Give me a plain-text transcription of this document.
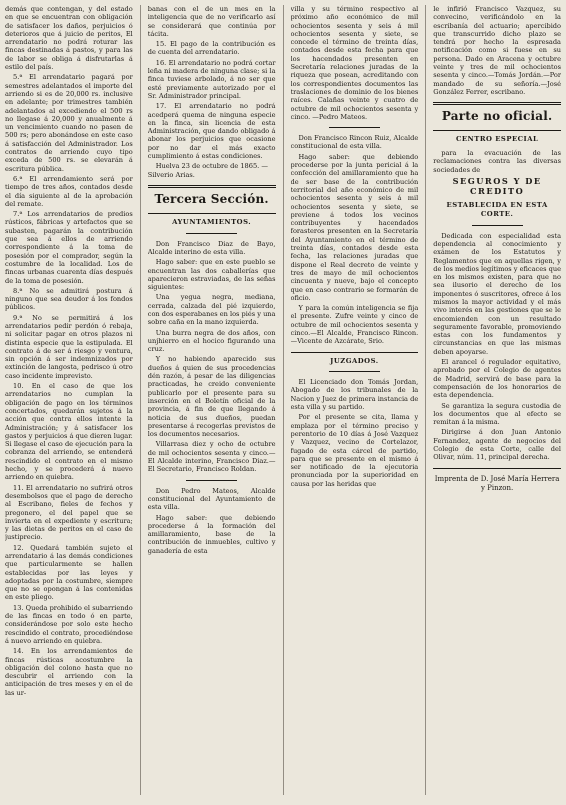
demás que contengan, y del estado en que se encuentran con obligación de satisfacer los daños, perjuicios ó deterioros que á juicio de peritos, El arrendatario no podrá roturar las fincas destinadas á pastos, y para las de labor se obliga á disfrutarlas á estilo del país.

5.ª El arrendatario pagará por semestres adelantados el importe del arriendo si es de 20,000 rs. inclusive en adelante; por trimestres también adelantados al excediendo el 500 rs no llegase á 20,000 y anualmente á un vencimiento cuando no pasen de 500 rs; pero abonándose en este caso á satisfacción del Administrador. Los contratos de arriendo cuyo tipo exceda de 500 rs. se elevarán á escritura pública.

6.ª El arrendamiento será por tiempo de tres años, contados desde el día siguiente al de la aprobación del remate.

7.ª Los arrendatarios de predios rústicos, fábricas y artefactos que se subasten, pagarán la contribución que sea á ellos de arriendo correspondiente á la toma de posesión por el comprador, según la costumbre de la localidad. Los de fincas urbanas cuarenta días después de la toma de posesión.

8.ª No se admitirá postura á ninguno que sea deudor á los fondos públicos.

9.ª No se permitirá á los arrendatarios pedir perdón ó rebaja, ni solicitar pagar en otros plazos ni distinta especie que la estipulada. El contrato á de ser á riesgo y ventura, sin opción á ser indemnizados por extinción de langosta, pedrisco ú otro caso incidente imprevisto.

10. En el caso de que los arrendatarios no cumplan la obligación de pago en los términos concertados, quedarán sujetos á la acción que contra ellos intente la Administración; y á satisfacer los gastos y perjuicios á que dieren lugar. Si llegase el caso de ejecución para la cobranza del arriendo, se entenderá rescindido el contrato en el mismo hecho, y se procederá á nuevo arriendo en quiebra.

11. El arrendatario no sufrirá otros desembolsos que el pago de derecho al Escribano, fieles de fechos y pregonero, el del papel que se invierta en el expediente y escritura; y las dietas de peritos en el caso de justiprecio.

12. Quedará también sujeto el arrendatario á las demás condiciones que particularmente se hallen establecidas por las leyes y adoptadas por la costumbre, siempre que no se opongan á las contenidas en este pliego.

13. Queda prohibido el subarriendo de las fincas en todo ó en parte, considerándose por solo este hecho rescindido el contrato, procediéndose á nuevo arriendo en quiebra.

14. En los arrendamientos de fincas rústicas acostumbre la obligación del colono hasta que no descubrir el arriendo con la anticipación de tres meses y en el de las ur-

banas con el de un mes en la inteligencia que de no verificarlo así se considerará que continúa por tácita.

15. El pago de la contribución es de cuenta del arrendatario.

16. El arrendatario no podrá cortar leña ni madera de ninguna clase; si la finca tuviese arbolado, á no ser que esté previamente autorizado por el Sr. Administrador principal.

17. El arrendatario no podrá acedperá quema de ninguna especie en la finca, sin licencia de esta Administración, que dando obligado á abonar los perjuicios que ocasione por no dar el más exacto cumplimiento á estas condiciones.

Huelva 23 de octubre de 1865. —Silverio Arias.

Tercera Sección.
AYUNTAMIENTOS.

Don Francisco Diaz de Bayo, Alcalde interino de esta villa.

Hago saber: que en este pueblo se encuentran las dos caballerías que aparecieron estraviadas, de las señas siguientes:

Una yegua negra, mediana, cerrada, calzada del pié izquierdo, con dos esperabanes en los piés y una sobre caña en la mano izquierda.

Una burra negra de dos años, con unjhierro en el hocico figurando una cruz.

Y no habiendo aparecido sus dueños á quien de sus procedencias dén razón, á pesar de las diligencias practicadas, he creido conveniente publicarlo por el presente para su inserción en el Boletín oficial de la provincia, á fin de que llegando á noticia de sus dueños, puedan presentarse á recogerlas previstos de los documentos necesarios.

Villarrasa diez y ocho de octubre de mil ochocientos sesenta y cinco.—El Alcalde interino, Francisco Diaz.—El Secretario, Francisco Roldan.

Don Pedro Mateos, Alcalde constitucional del Ayuntamiento de esta villa.

Hago saber: que debiendo procederse á la formación del amillaramiento, base de la contribución de inmuebles, cultivo y ganadería de esta

villa y su término respectivo al próximo año económico de mil ochocientos sesenta y seis á mil ochocientos sesenta y siete, se concede el término de treinta días, contados desde esta fecha para que los hacendados presenten en Secretaría relaciones juradas de la riqueza que posean, acreditando con los correspondientes documentos las traslaciones de dominio de los bienes raíces. Calañas veinte y cuatro de octubre de mil ochocientos sesenta y cinco. —Pedro Mateos.

Don Francisco Rincon Ruiz, Alcalde constitucional de esta villa.

Hago saber: que debiendo procederse por la junta pericial á la confección del amillaramiento que ha de ser base de la contribución territorial del año económico de mil ochocientos sesenta y seis á mil ochocientos sesenta y siete, se previene á todos los vecinos contribuyentes y hacendados forasteros presenten en la Secretaría del Ayuntamiento en el término de treinta días, contados desde esta fecha, las relaciones juradas que dispone el Real decreto de veinte y tres de mayo de mil ochocientos cincuenta y nueve, bajo el concepto que en caso contrario se formarán de oficio.

Y para la común inteligencia se fija el presente. Zufre veinte y cinco de octubre de mil ochocientos sesenta y cinco.—El Alcalde, Francisco Rincon.—Vicente de Azcárate, Srio.

JUZGADOS.

El Licenciado don Tomás Jordan, Abogado de los tribunales de la Nacion y Juez de primera instancia de esta villa y su partido.

Por el presente se cita, llama y emplaza por el término preciso y perentorio de 10 días á José Vazquez y Vazquez, vecino de Cortelazor, fugado de esta cárcel de partido, para que se presente en el mismo á ser notificado de la ejecutoria pronunciada por la superioridad en causa por las heridas que

le infirió Francisco Vazquez, su convecino, verificándolo en la escribanía del actuario; apercibido que transcurrido dicho plazo se tendrá por hecho la espresada notificación como si fuese en su persona. Dado en Aracena y octubre veinte y tres de mil ochocientos sesenta y cinco.—Tomás Jordán.—Por mandado de su señoría.—José González Ferrer, escribano.

Parte no oficial.
CENTRO ESPECIAL

para la evacuación de las reclamaciones contra las diversas sociedades de

SEGUROS Y DE CREDITO
ESTABLECIDA EN ESTA CORTE.

Dedicada con especialidad esta dependencia al conocimiento y exámen de los Estatutos y Reglamentos que en aquellas rigen, y de los medios legítimos y eficaces que en los mismos existen, para que no sea ilusorio el derecho de los imponentes ó suscritores, ofrece á los mismos la mayor actividad y el más vivo interés en las gestiones que se le encomienden con un resultado seguramente favorable, promoviendo estas con los fundamentos y circunstancias en que las mismas deben apoyarse.

El arancel ó regulador equitativo, aprobado por el Colegio de agentes de Madrid, servirá de base para la compensación de los honorarios de esta dependencia.

Se garantiza la segura custodia de los documentos que al efecto se remitan á la misma.

Dirigirse á don Juan Antonio Fernandez, agente de negocios del Colegio de esta Corte, calle del Olivar, núm. 11, principal derecha.

Imprenta de D. José María Herrera y Pinzon.
